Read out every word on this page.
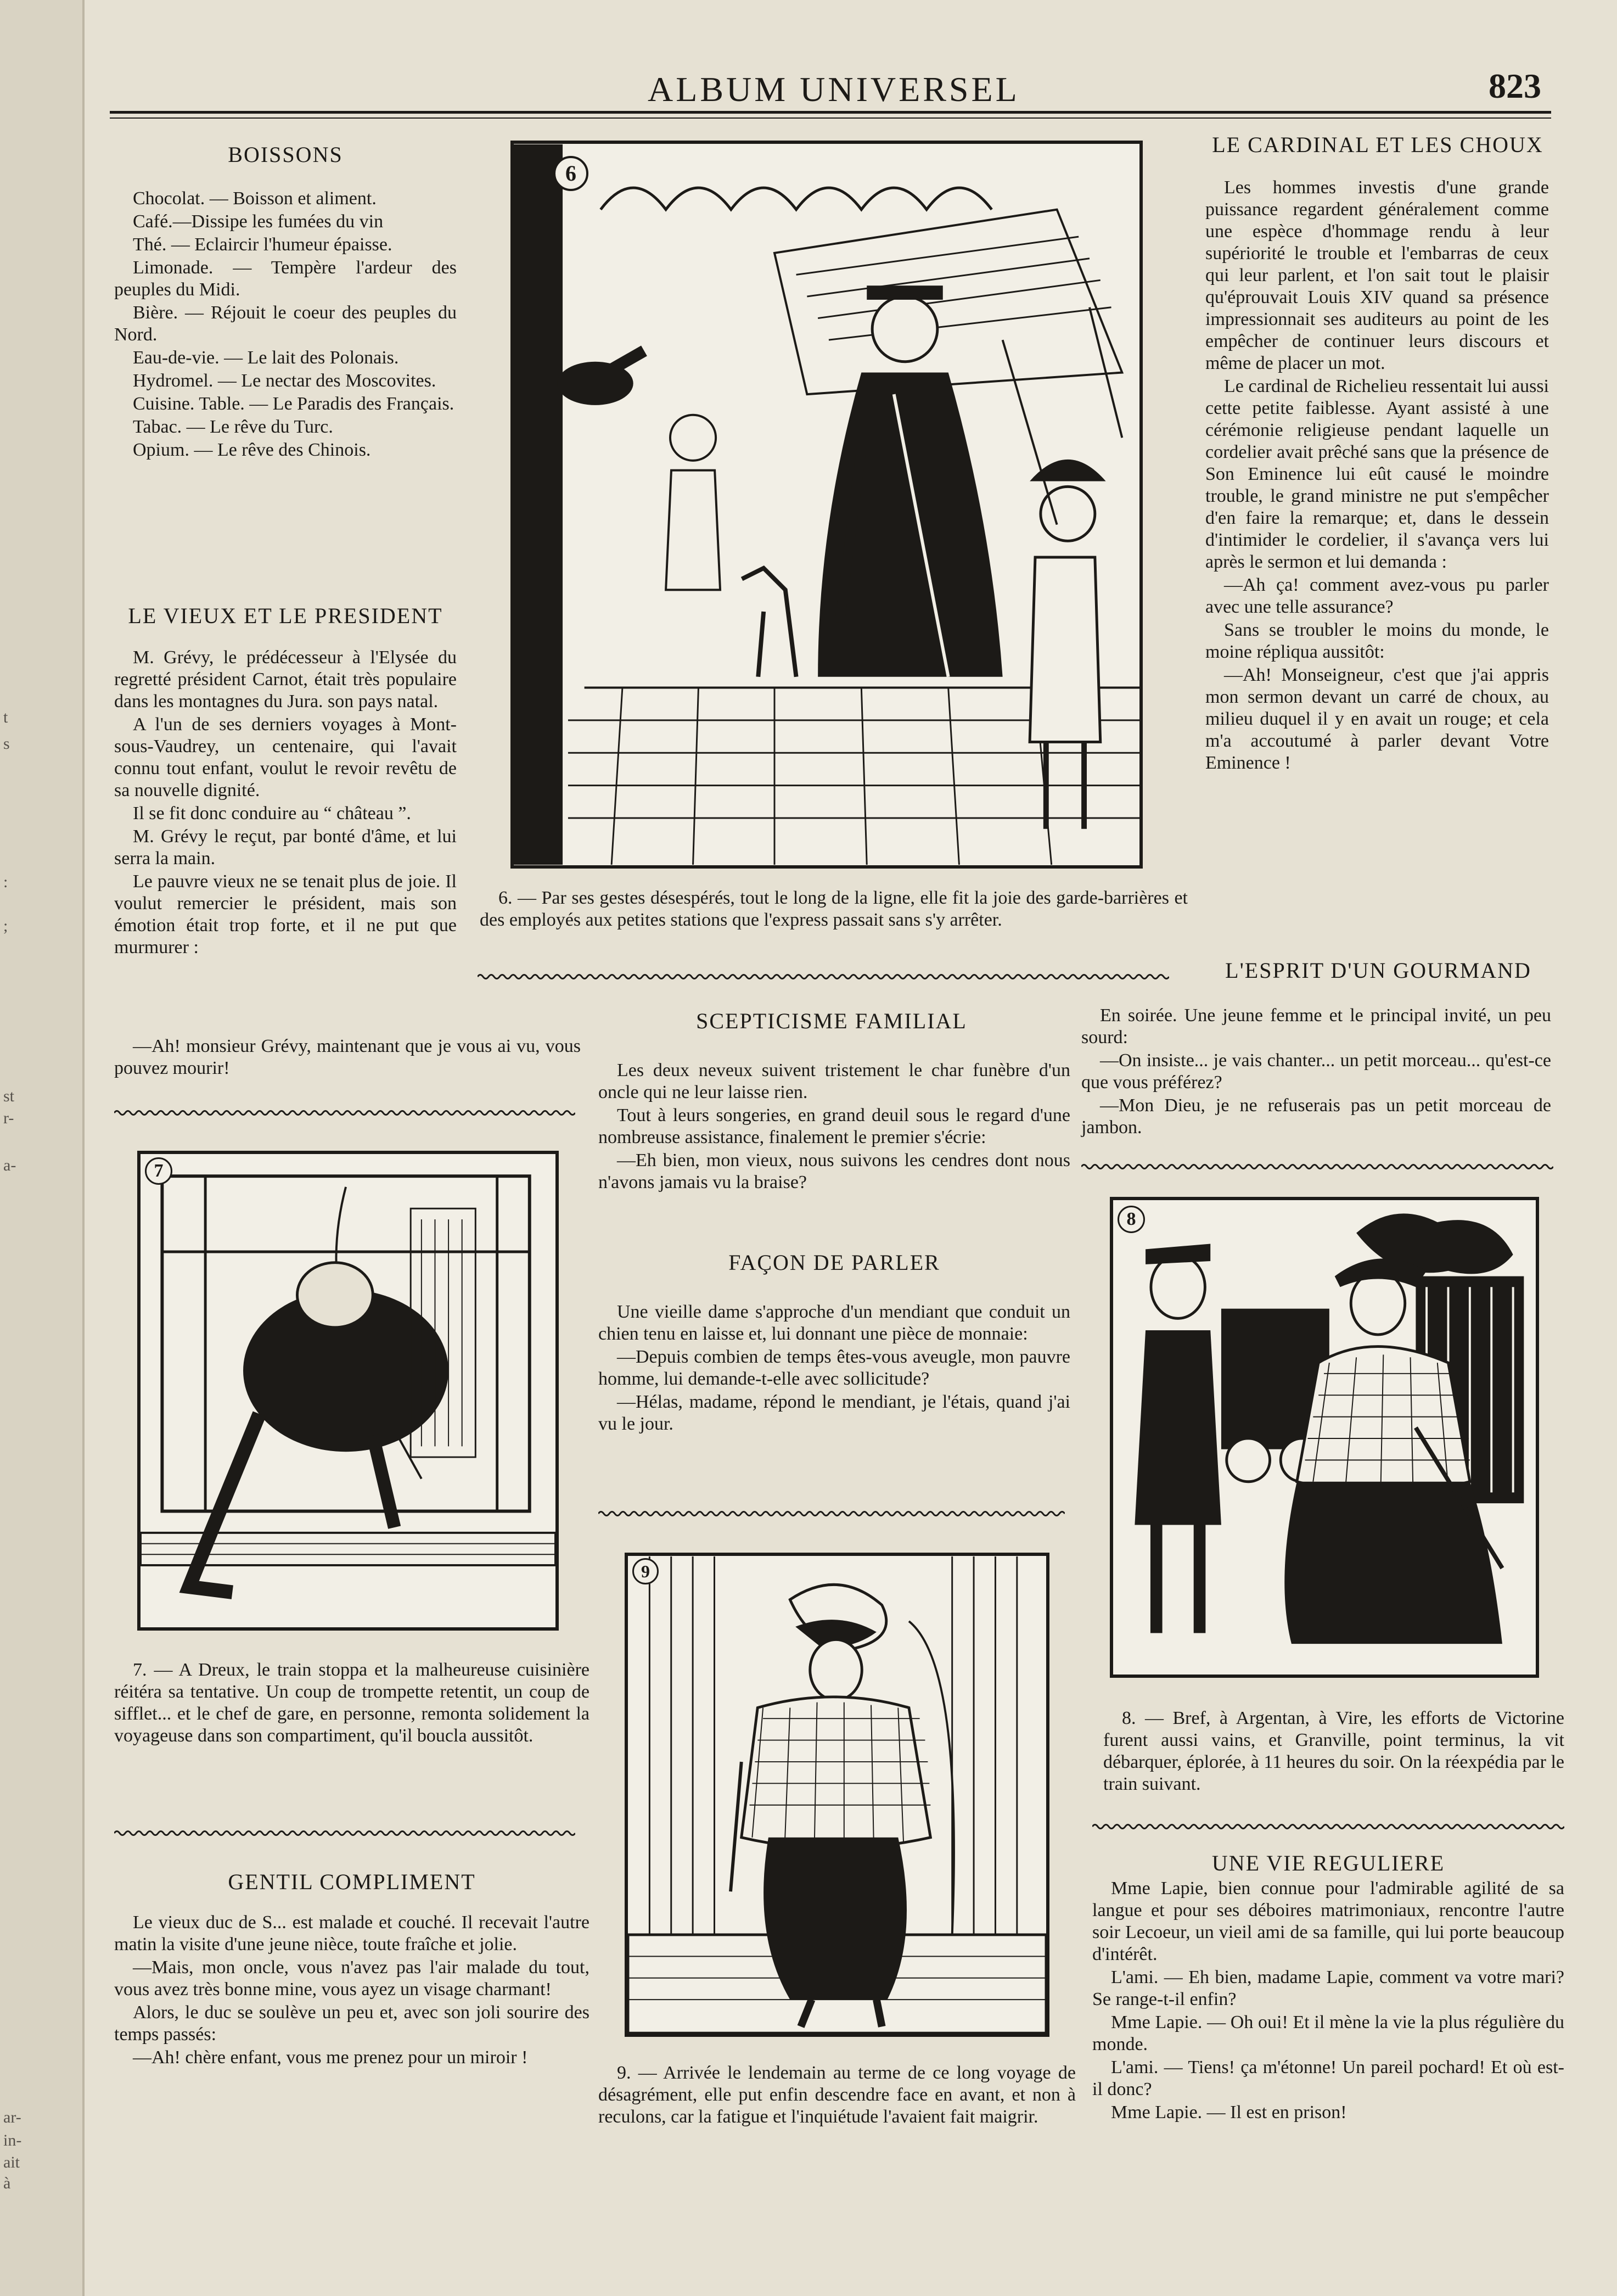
t
s
:
;
st
r-
a-
ar-
in-
ait
à
ALBUM UNIVERSEL	823
BOISSONS

Chocolat. — Boisson et aliment.

Café.—Dissipe les fumées du vin

Thé. — Eclaircir l'humeur épaisse.

Limonade. — Tempère l'ardeur des peuples du Midi.

Bière. — Réjouit le coeur des peuples du Nord.

Eau-de-vie. — Le lait des Polonais.

Hydromel. — Le nectar des Moscovites.

Cuisine. Table. — Le Paradis des Français.

Tabac. — Le rêve du Turc.

Opium. — Le rêve des Chinois.

LE VIEUX ET LE PRESIDENT

M. Grévy, le prédécesseur à l'Elysée du regretté président Carnot, était très populaire dans les montagnes du Jura. son pays natal.

A l'un de ses derniers voyages à Mont-sous-Vaudrey, un centenaire, qui l'avait connu tout enfant, voulut le revoir revêtu de sa nouvelle dignité.

Il se fit donc conduire au “ château ”.

M. Grévy le reçut, par bonté d'âme, et lui serra la main.

Le pauvre vieux ne se tenait plus de joie. Il voulut remercier le président, mais son émotion était trop forte, et il ne put que murmurer :

—Ah! monsieur Grévy, maintenant que je vous ai vu, vous pouvez mourir!

7

7. — A Dreux, le train stoppa et la malheureuse cuisinière réitéra sa tentative. Un coup de trompette retentit, un coup de sifflet... et le chef de gare, en personne, remonta solidement la voyageuse dans son compartiment, qu'il boucla aussitôt.

GENTIL COMPLIMENT

Le vieux duc de S... est malade et couché. Il recevait l'autre matin la visite d'une jeune nièce, toute fraîche et jolie.

—Mais, mon oncle, vous n'avez pas l'air malade du tout, vous avez très bonne mine, vous ayez un visage charmant!

Alors, le duc se soulève un peu et, avec son joli sourire des temps passés:

—Ah! chère enfant, vous me prenez pour un miroir !

6

6. — Par ses gestes désespérés, tout le long de la ligne, elle fit la joie des garde-barrières et des employés aux petites stations que l'express passait sans s'y arrêter.

SCEPTICISME FAMILIAL

Les deux neveux suivent tristement le char funèbre d'un oncle qui ne leur laisse rien.

Tout à leurs songeries, en grand deuil sous le regard d'une nombreuse assistance, finalement le premier s'écrie:

—Eh bien, mon vieux, nous suivons les cendres dont nous n'avons jamais vu la braise?

FAÇON DE PARLER

Une vieille dame s'approche d'un mendiant que conduit un chien tenu en laisse et, lui donnant une pièce de monnaie:

—Depuis combien de temps êtes-vous aveugle, mon pauvre homme, lui demande-t-elle avec sollicitude?

—Hélas, madame, répond le mendiant, je l'étais, quand j'ai vu le jour.

9

9. — Arrivée le lendemain au terme de ce long voyage de désagrément, elle put enfin descendre face en avant, et non à reculons, car la fatigue et l'inquiétude l'avaient fait maigrir.

LE CARDINAL ET LES CHOUX

Les hommes investis d'une grande puissance regardent généralement comme une espèce d'hommage rendu à leur supériorité le trouble et l'embarras de ceux qui leur parlent, et l'on sait tout le plaisir qu'éprouvait Louis XIV quand sa présence impressionnait ses auditeurs au point de les empêcher de continuer leurs discours et même de placer un mot.

Le cardinal de Richelieu ressentait lui aussi cette petite faiblesse. Ayant assisté à une cérémonie religieuse pendant laquelle un cordelier avait prêché sans que la présence de Son Eminence lui eût causé le moindre trouble, le grand ministre ne put s'empêcher d'en faire la remarque; et, dans le dessein d'intimider le cordelier, il s'avança vers lui après le sermon et lui demanda :

—Ah ça! comment avez-vous pu parler avec une telle assurance?

Sans se troubler le moins du monde, le moine répliqua aussitôt:

—Ah! Monseigneur, c'est que j'ai appris mon sermon devant un carré de choux, au milieu duquel il y en avait un rouge; et cela m'a accoutumé à parler devant Votre Eminence !

L'ESPRIT D'UN GOURMAND

En soirée. Une jeune femme et le principal invité, un peu sourd:

—On insiste... je vais chanter... un petit morceau... qu'est-ce que vous préférez?

—Mon Dieu, je ne refuserais pas un petit morceau de jambon.

8

8. — Bref, à Argentan, à Vire, les efforts de Victorine furent aussi vains, et Granville, point terminus, la vit débarquer, éplorée, à 11 heures du soir. On la réexpédia par le train suivant.

UNE VIE REGULIERE

Mme Lapie, bien connue pour l'admirable agilité de sa langue et pour ses déboires matrimoniaux, rencontre l'autre soir Lecoeur, un vieil ami de sa famille, qui lui porte beaucoup d'intérêt.

L'ami. — Eh bien, madame Lapie, comment va votre mari? Se range-t-il enfin?

Mme Lapie. — Oh oui! Et il mène la vie la plus régulière du monde.

L'ami. — Tiens! ça m'étonne! Un pareil pochard! Et où est-il donc?

Mme Lapie. — Il est en prison!
